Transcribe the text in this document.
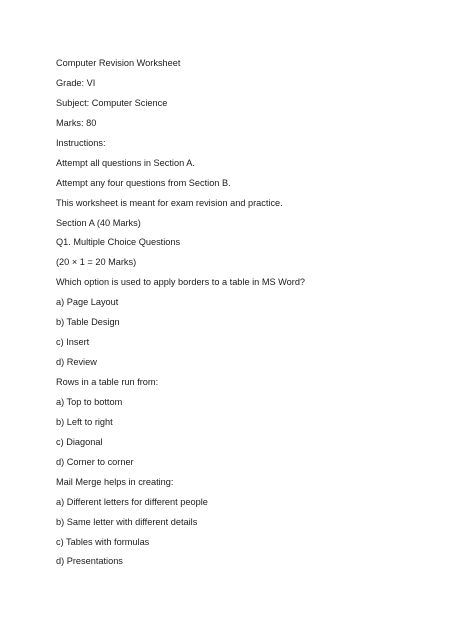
Computer Revision Worksheet
Grade: VI
Subject: Computer Science
Marks: 80
Instructions:
Attempt all questions in Section A.
Attempt any four questions from Section B.
This worksheet is meant for exam revision and practice.
Section A (40 Marks)
Q1. Multiple Choice Questions
(20 × 1 = 20 Marks)
Which option is used to apply borders to a table in MS Word?
a) Page Layout
b) Table Design
c) Insert
d) Review
Rows in a table run from:
a) Top to bottom
b) Left to right
c) Diagonal
d) Corner to corner
Mail Merge helps in creating:
a) Different letters for different people
b) Same letter with different details
c) Tables with formulas
d) Presentations
